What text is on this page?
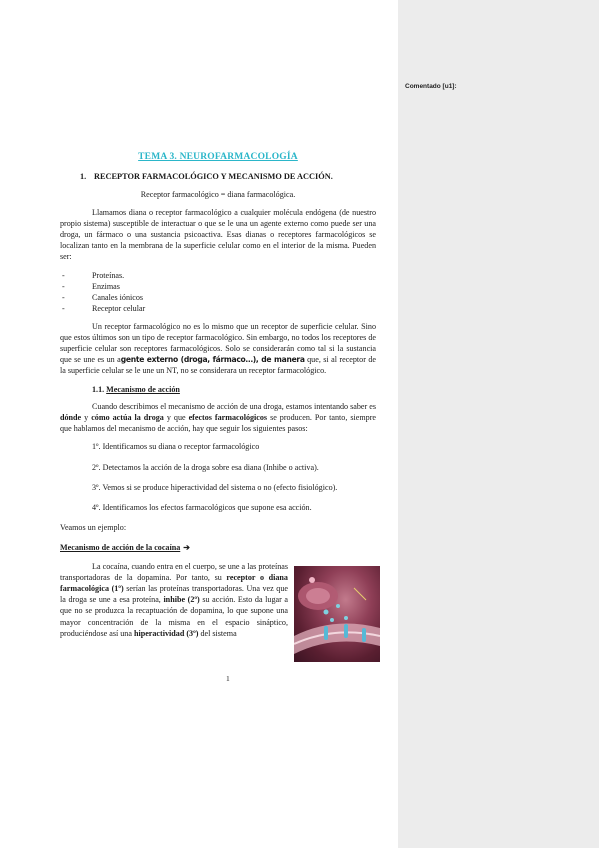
Comentado [u1]:
TEMA 3. NEUROFARMACOLOGÍA
1. RECEPTOR FARMACOLÓGICO Y MECANISMO DE ACCIÓN.
Receptor farmacológico = diana farmacológica.

Llamamos diana o receptor farmacológico a cualquier molécula endógena (de nuestro propio sistema) susceptible de interactuar o que se le una un agente externo como puede ser una droga, un fármaco o una sustancia psicoactiva. Esas dianas o receptores farmacológicos se localizan tanto en la membrana de la superficie celular como en el interior de la misma. Pueden ser:

- Proteínas.
- Enzimas
- Canales iónicos
- Receptor celular

Un receptor farmacológico no es lo mismo que un receptor de superficie celular. Sino que estos últimos son un tipo de receptor farmacológico. Sin embargo, no todos los receptores de superficie celular son receptores farmacológicos. Solo se considerarán como tal si la sustancia que se une es un agente externo (droga, fármaco…), de manera que, si al receptor de la superficie celular se le une un NT, no se considerara un receptor farmacológico.

1.1. Mecanismo de acción

Cuando describimos el mecanismo de acción de una droga, estamos intentando saber es dónde y cómo actúa la droga y que efectos farmacológicos se producen. Por tanto, siempre que hablamos del mecanismo de acción, hay que seguir los siguientes pasos:

1º. Identificamos su diana o receptor farmacológico
2º. Detectamos la acción de la droga sobre esa diana (Inhibe o activa).
3º. Vemos si se produce hiperactividad del sistema o no (efecto fisiológico).
4º. Identificamos los efectos farmacológicos que supone esa acción.

Veamos un ejemplo:

Mecanismo de acción de la cocaína ➔

La cocaína, cuando entra en el cuerpo, se une a las proteínas transportadoras de la dopamina. Por tanto, su receptor o diana farmacológica (1º) serían las proteínas transportadoras. Una vez que la droga se une a esa proteína, inhibe (2º) su acción. Esto da lugar a que no se produzca la recaptuación de dopamina, lo que supone una mayor concentración de la misma en el espacio sináptico, produciéndose así una hiperactividad (3º) del sistema

1
